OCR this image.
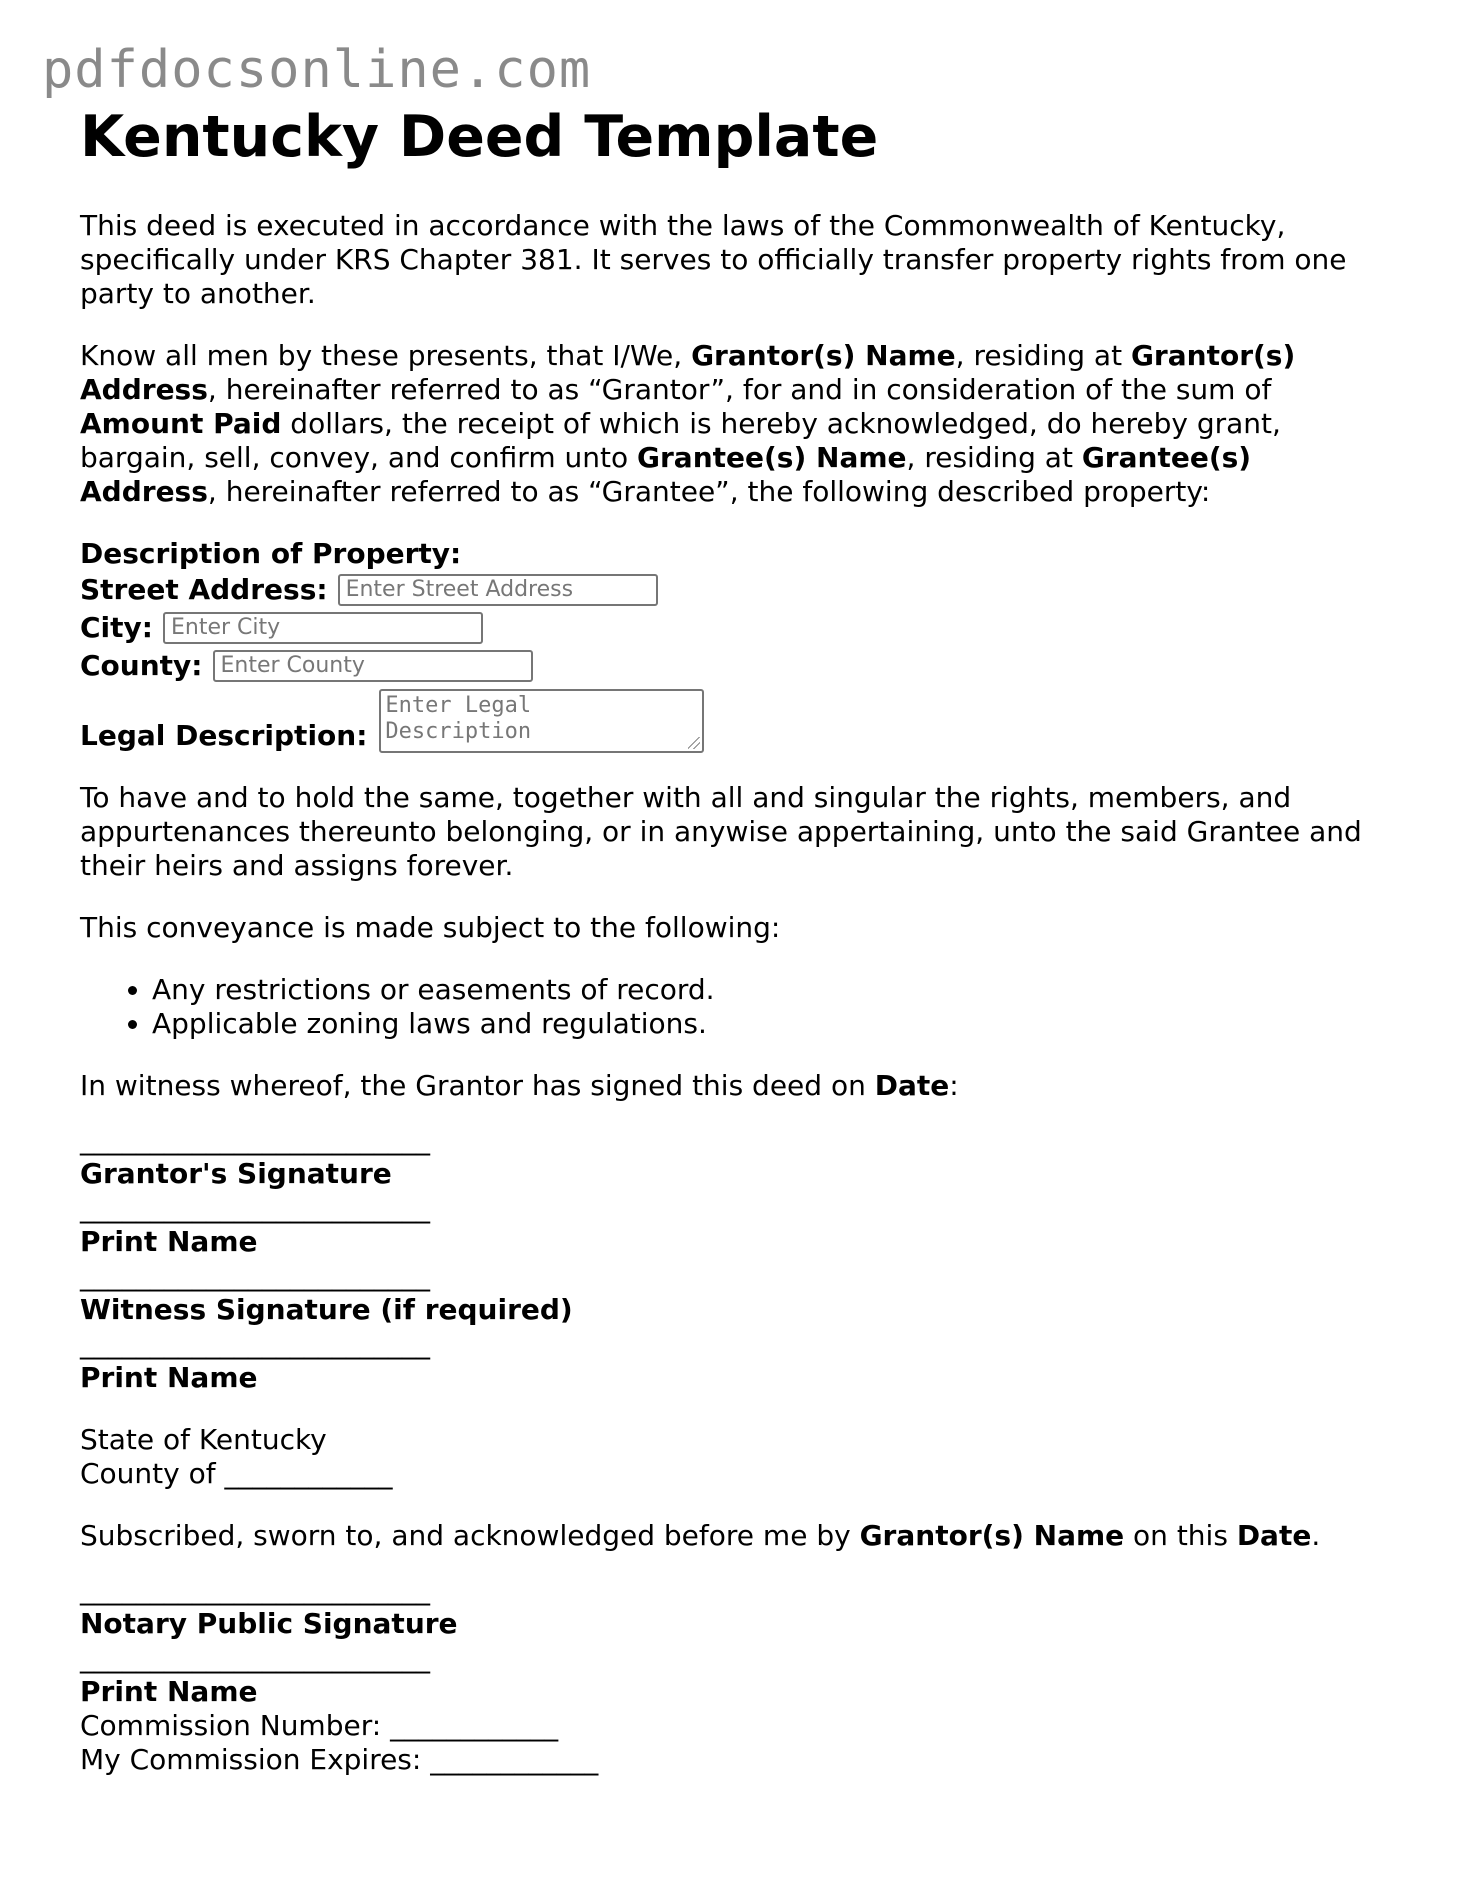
pdfdocsonline.com
Kentucky Deed Template

This deed is executed in accordance with the laws of the Commonwealth of Kentucky, specifically under KRS Chapter 381. It serves to officially transfer property rights from one party to another.

Know all men by these presents, that I/We, Grantor(s) Name, residing at Grantor(s) Address, hereinafter referred to as “Grantor”, for and in consideration of the sum of Amount Paid dollars, the receipt of which is hereby acknowledged, do hereby grant, bargain, sell, convey, and confirm unto Grantee(s) Name, residing at Grantee(s) Address, hereinafter referred to as “Grantee”, the following described property:

Description of Property:
Street Address: Enter Street Address
City: Enter City
County: Enter County
Legal Description:
Enter Legal
Description

To have and to hold the same, together with all and singular the rights, members, and appurtenances thereunto belonging, or in anywise appertaining, unto the said Grantee and their heirs and assigns forever.

This conveyance is made subject to the following:

• Any restrictions or easements of record.
• Applicable zoning laws and regulations.

In witness whereof, the Grantor has signed this deed on Date:

_________________________
Grantor's Signature
_________________________
Print Name
_________________________
Witness Signature (if required)
_________________________
Print Name
State of Kentucky
County of ____________

Subscribed, sworn to, and acknowledged before me by Grantor(s) Name on this Date.

_________________________
Notary Public Signature
_________________________
Print Name
Commission Number: ____________
My Commission Expires: ____________
